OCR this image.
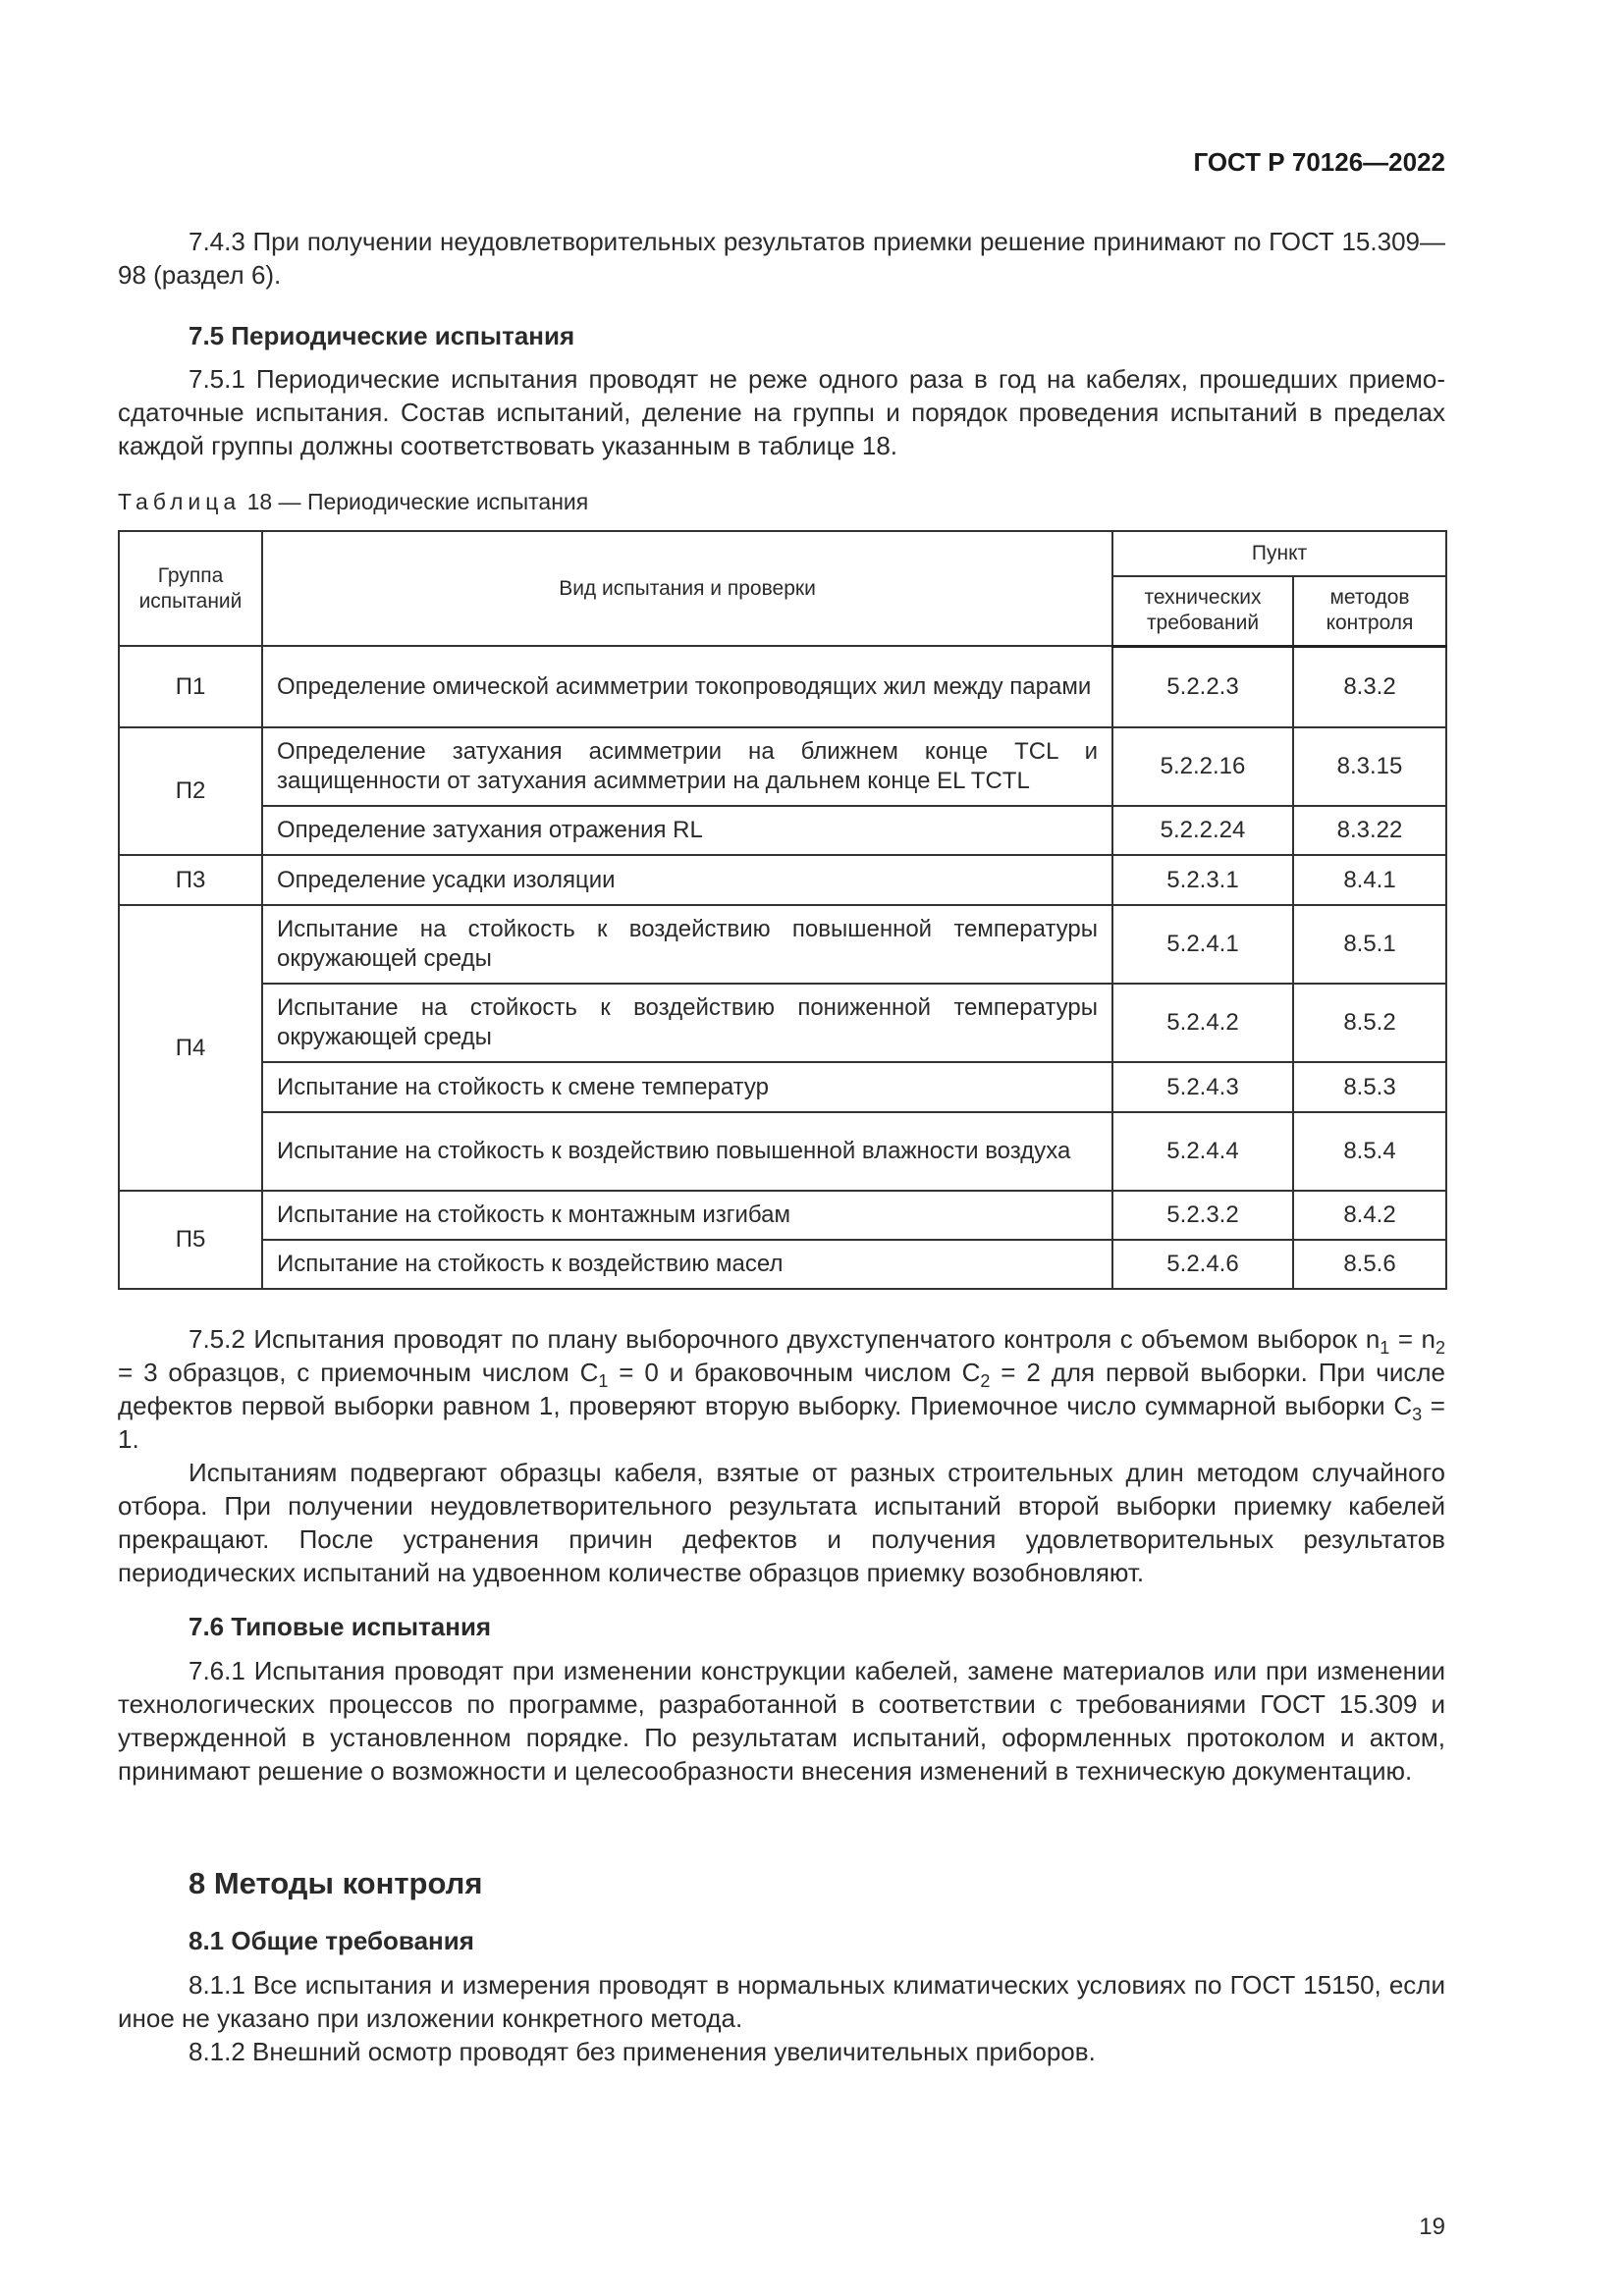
ГОСТ Р 70126—2022

7.4.3 При получении неудовлетворительных результатов приемки решение принимают по ГОСТ 15.309—98 (раздел 6).

7.5 Периодические испытания

7.5.1 Периодические испытания проводят не реже одного раза в год на кабелях, прошедших приемо-сдаточные испытания. Состав испытаний, деление на группы и порядок проведения испытаний в пределах каждой группы должны соответствовать указанным в таблице 18.

Таблица 18 — Периодические испытания

Группа испытаний	Вид испытания и проверки	Пункт	
		технических требований	методов контроля
П1	Определение омической асимметрии токопроводящих жил между парами	5.2.2.3	8.3.2
П2	Определение затухания асимметрии на ближнем конце TCL и защищенности от затухания асимметрии на дальнем конце EL TCTL	5.2.2.16	8.3.15
	Определение затухания отражения RL	5.2.2.24	8.3.22
П3	Определение усадки изоляции	5.2.3.1	8.4.1
П4	Испытание на стойкость к воздействию повышенной температуры окружающей среды	5.2.4.1	8.5.1
	Испытание на стойкость к воздействию пониженной температуры окружающей среды	5.2.4.2	8.5.2
	Испытание на стойкость к смене температур	5.2.4.3	8.5.3
	Испытание на стойкость к воздействию повышенной влажности воздуха	5.2.4.4	8.5.4
П5	Испытание на стойкость к монтажным изгибам	5.2.3.2	8.4.2
	Испытание на стойкость к воздействию масел	5.2.4.6	8.5.6

7.5.2 Испытания проводят по плану выборочного двухступенчатого контроля с объемом выборок $n_1 = n_2 = 3$ образцов, с приемочным числом $C_1 = 0$ и браковочным числом $C_2 = 2$ для первой выборки. При числе дефектов первой выборки равном 1, проверяют вторую выборку. Приемочное число суммарной выборки $C_3 = 1$.

Испытаниям подвергают образцы кабеля, взятые от разных строительных длин методом случайного отбора. При получении неудовлетворительного результата испытаний второй выборки приемку кабелей прекращают. После устранения причин дефектов и получения удовлетворительных результатов периодических испытаний на удвоенном количестве образцов приемку возобновляют.

7.6 Типовые испытания

7.6.1 Испытания проводят при изменении конструкции кабелей, замене материалов или при изменении технологических процессов по программе, разработанной в соответствии с требованиями ГОСТ 15.309 и утвержденной в установленном порядке. По результатам испытаний, оформленных протоколом и актом, принимают решение о возможности и целесообразности внесения изменений в техническую документацию.

8 Методы контроля

8.1 Общие требования

8.1.1 Все испытания и измерения проводят в нормальных климатических условиях по ГОСТ 15150, если иное не указано при изложении конкретного метода.

8.1.2 Внешний осмотр проводят без применения увеличительных приборов.

19
